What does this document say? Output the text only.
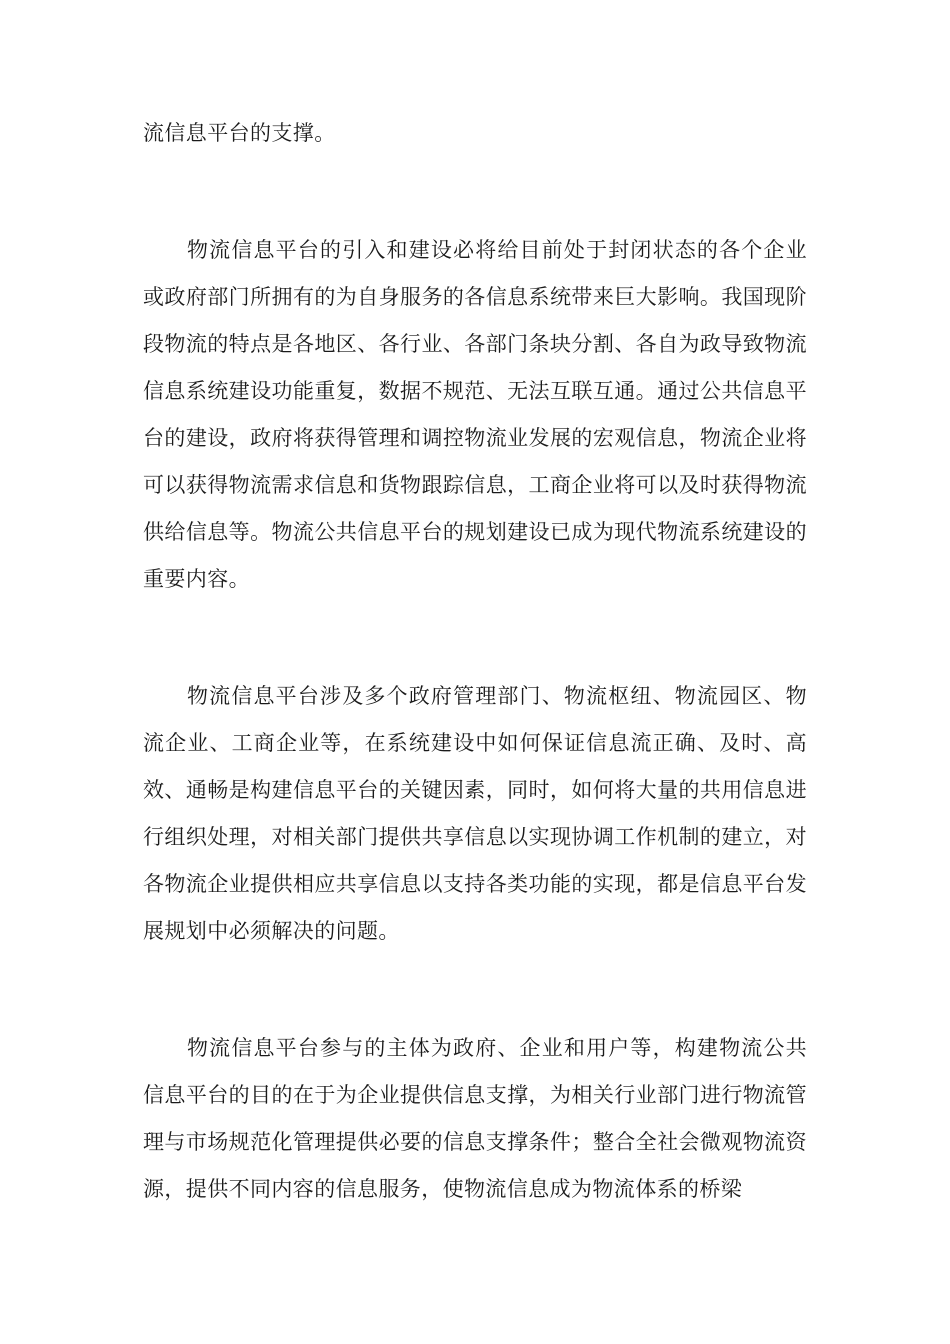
流信息平台的支撑。

物流信息平台的引入和建设必将给目前处于封闭状态的各个企业或政府部门所拥有的为自身服务的各信息系统带来巨大影响。我国现阶段物流的特点是各地区、各行业、各部门条块分割、各自为政导致物流信息系统建设功能重复，数据不规范、无法互联互通。通过公共信息平台的建设，政府将获得管理和调控物流业发展的宏观信息，物流企业将可以获得物流需求信息和货物跟踪信息，工商企业将可以及时获得物流供给信息等。物流公共信息平台的规划建设已成为现代物流系统建设的重要内容。

物流信息平台涉及多个政府管理部门、物流枢纽、物流园区、物流企业、工商企业等，在系统建设中如何保证信息流正确、及时、高效、通畅是构建信息平台的关键因素，同时，如何将大量的共用信息进行组织处理，对相关部门提供共享信息以实现协调工作机制的建立，对各物流企业提供相应共享信息以支持各类功能的实现，都是信息平台发展规划中必须解决的问题。

物流信息平台参与的主体为政府、企业和用户等，构建物流公共信息平台的目的在于为企业提供信息支撑，为相关行业部门进行物流管理与市场规范化管理提供必要的信息支撑条件；整合全社会微观物流资源，提供不同内容的信息服务，使物流信息成为物流体系的桥梁
